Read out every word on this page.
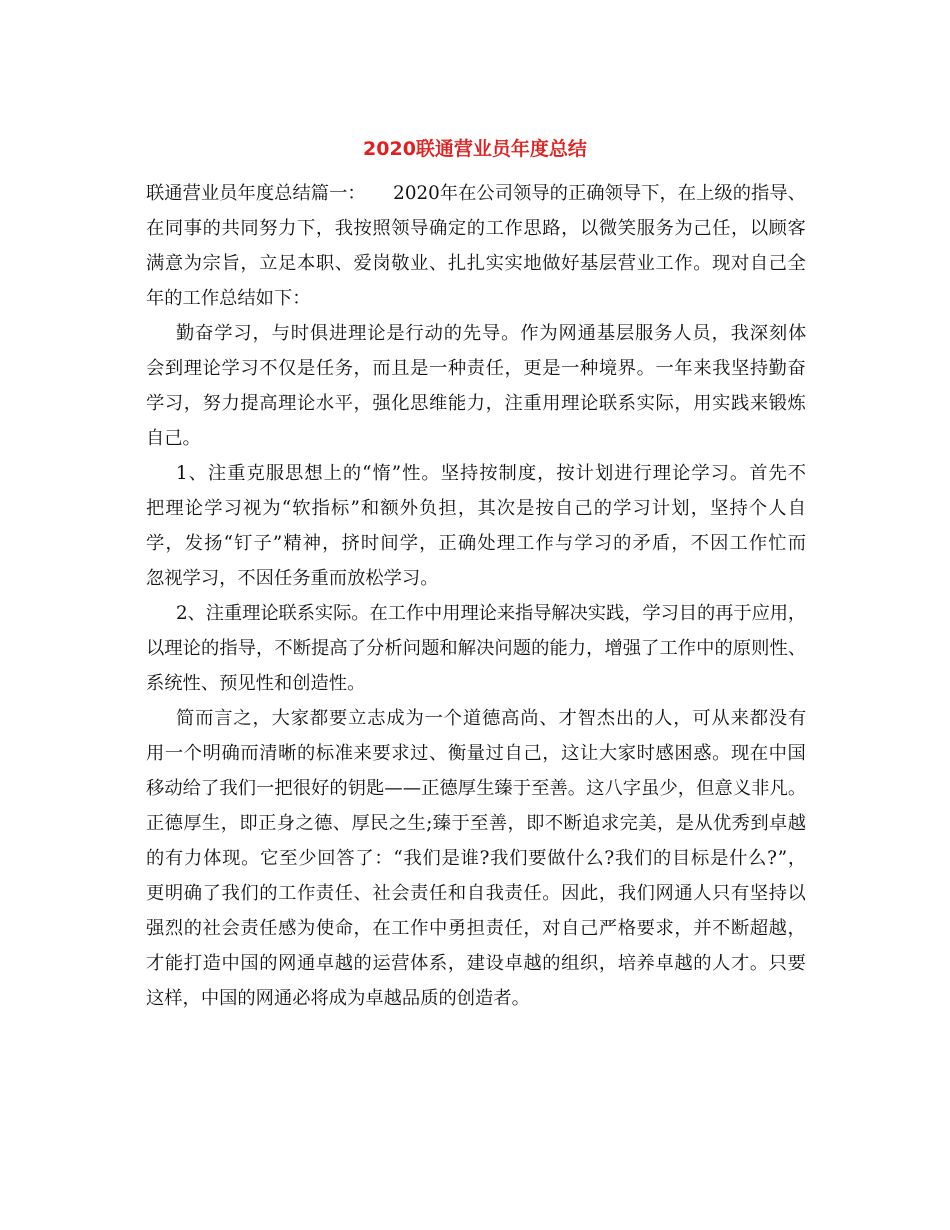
2020联通营业员年度总结

联通营业员年度总结篇一：　　2020年在公司领导的正确领导下，在上级的指导、

在同事的共同努力下，我按照领导确定的工作思路，以微笑服务为己任，以顾客

满意为宗旨，立足本职、爱岗敬业、扎扎实实地做好基层营业工作。现对自己全

年的工作总结如下：

勤奋学习，与时俱进理论是行动的先导。作为网通基层服务人员，我深刻体

会到理论学习不仅是任务，而且是一种责任，更是一种境界。一年来我坚持勤奋

学习，努力提高理论水平，强化思维能力，注重用理论联系实际，用实践来锻炼

自己。

1、注重克服思想上的“惰”性。坚持按制度，按计划进行理论学习。首先不

把理论学习视为“软指标”和额外负担，其次是按自己的学习计划，坚持个人自

学，发扬“钉子”精神，挤时间学，正确处理工作与学习的矛盾，不因工作忙而

忽视学习，不因任务重而放松学习。

2、注重理论联系实际。在工作中用理论来指导解决实践，学习目的再于应用，

以理论的指导，不断提高了分析问题和解决问题的能力，增强了工作中的原则性、

系统性、预见性和创造性。

简而言之，大家都要立志成为一个道德高尚、才智杰出的人，可从来都没有

用一个明确而清晰的标准来要求过、衡量过自己，这让大家时感困惑。现在中国

移动给了我们一把很好的钥匙——正德厚生臻于至善。这八字虽少，但意义非凡。

正德厚生，即正身之德、厚民之生;臻于至善，即不断追求完美，是从优秀到卓越

的有力体现。它至少回答了：“我们是谁?我们要做什么?我们的目标是什么?”，

更明确了我们的工作责任、社会责任和自我责任。因此，我们网通人只有坚持以

强烈的社会责任感为使命，在工作中勇担责任，对自己严格要求，并不断超越，

才能打造中国的网通卓越的运营体系，建设卓越的组织，培养卓越的人才。只要

这样，中国的网通必将成为卓越品质的创造者。
